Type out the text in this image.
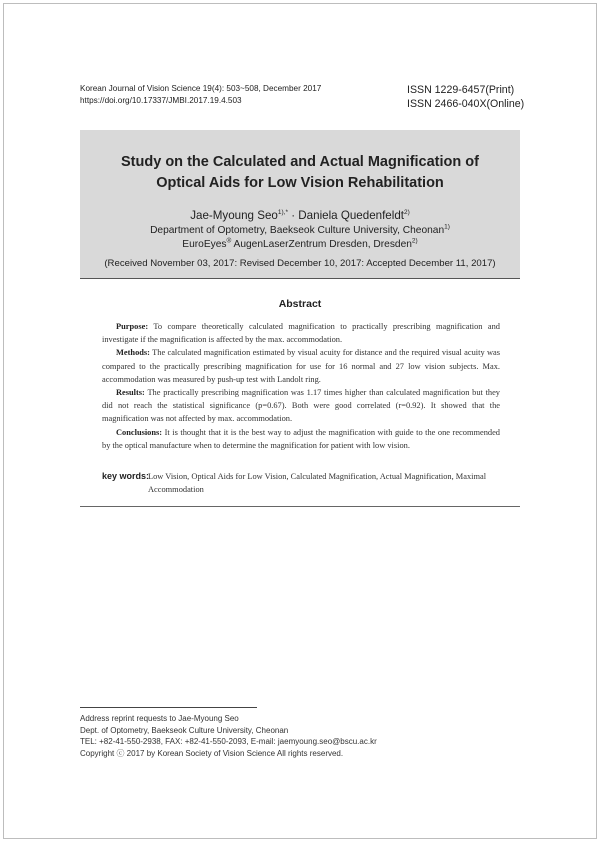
Korean Journal of Vision Science 19(4): 503~508, December 2017
https://doi.org/10.17337/JMBI.2017.19.4.503
ISSN 1229-6457(Print)
ISSN 2466-040X(Online)
Study on the Calculated and Actual Magnification of
Optical Aids for Low Vision Rehabilitation
Jae-Myoung Seo$^{1),*}$ · Daniela Quedenfeldt$^{2)}$
Department of Optometry, Baekseok Culture University, Cheonan$^{1)}$
EuroEyes® AugenLaserZentrum Dresden, Dresden$^{2)}$
(Received November 03, 2017: Revised December 10, 2017: Accepted December 11, 2017)
Abstract

Purpose: To compare theoretically calculated magnification to practically prescribing magnification and investigate if the magnification is affected by the max. accommodation.

Methods: The calculated magnification estimated by visual acuity for distance and the required visual acuity was compared to the practically prescribing magnification for use for 16 normal and 27 low vision subjects. Max. accommodation was measured by push-up test with Landolt ring.

Results: The practically prescribing magnification was 1.17 times higher than calculated magnification but they did not reach the statistical significance (p=0.67). Both were good correlated (r=0.92). It showed that the magnification was not affected by max. accommodation.

Conclusions: It is thought that it is the best way to adjust the magnification with guide to the one recommended by the optical manufacture when to determine the magnification for patient with low vision.

key words:
Low Vision, Optical Aids for Low Vision, Calculated Magnification, Actual Magnification, Maximal Accommodation
Address reprint requests to Jae-Myoung Seo
Dept. of Optometry, Baekseok Culture University, Cheonan
TEL: +82-41-550-2938, FAX: +82-41-550-2093, E-mail: jaemyoung.seo@bscu.ac.kr
Copyright ⓒ 2017 by Korean Society of Vision Science All rights reserved.
